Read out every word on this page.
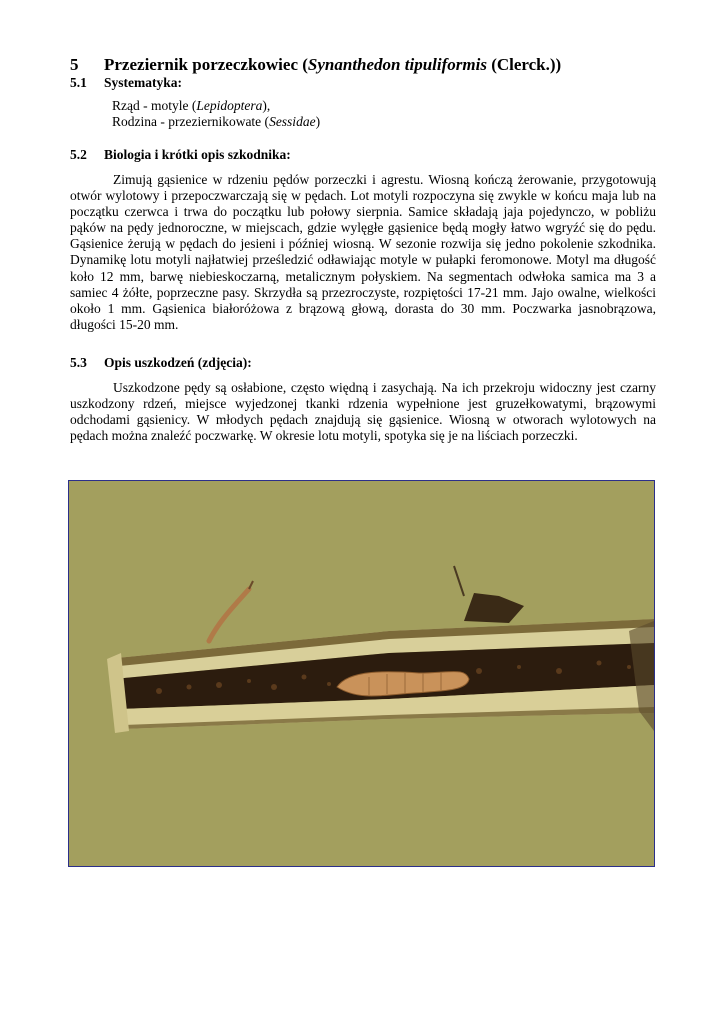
5 Przeziernik porzeczkowiec (Synanthedon tipuliformis (Clerck.))
5.1 Systematyka:
Rząd - motyle (Lepidoptera),
Rodzina - przeziernikowate (Sessidae)
5.2 Biologia i krótki opis szkodnika:

Zimują gąsienice w rdzeniu pędów porzeczki i agrestu. Wiosną kończą żerowanie, przygotowują otwór wylotowy i przepoczwarczają się w pędach. Lot motyli rozpoczyna się zwykle w końcu maja lub na początku czerwca i trwa do początku lub połowy sierpnia. Samice składają jaja pojedynczo, w pobliżu pąków na pędy jednoroczne, w miejscach, gdzie wylęgłe gąsienice będą mogły łatwo wgryźć się do pędu. Gąsienice żerują w pędach do jesieni i później wiosną. W sezonie rozwija się jedno pokolenie szkodnika. Dynamikę lotu motyli najłatwiej prześledzić odławiając motyle w pułapki feromonowe. Motyl ma długość koło 12 mm, barwę niebieskoczarną, metalicznym połyskiem. Na segmentach odwłoka samica ma 3 a samiec 4 żółte, poprzeczne pasy. Skrzydła są przezroczyste, rozpiętości 17-21 mm. Jajo owalne, wielkości około 1 mm. Gąsienica białoróżowa z brązową głową, dorasta do 30 mm. Poczwarka jasnobrązowa, długości 15-20 mm.

5.3 Opis uszkodzeń (zdjęcia):

Uszkodzone pędy są osłabione, często więdną i zasychają. Na ich przekroju widoczny jest czarny uszkodzony rdzeń, miejsce wyjedzonej tkanki rdzenia wypełnione jest gruzełkowatymi, brązowymi odchodami gąsienicy. W młodych pędach znajdują się gąsienice. Wiosną w otworach wylotowych na pędach można znaleźć poczwarkę. W okresie lotu motyli, spotyka się je na liściach porzeczki.
